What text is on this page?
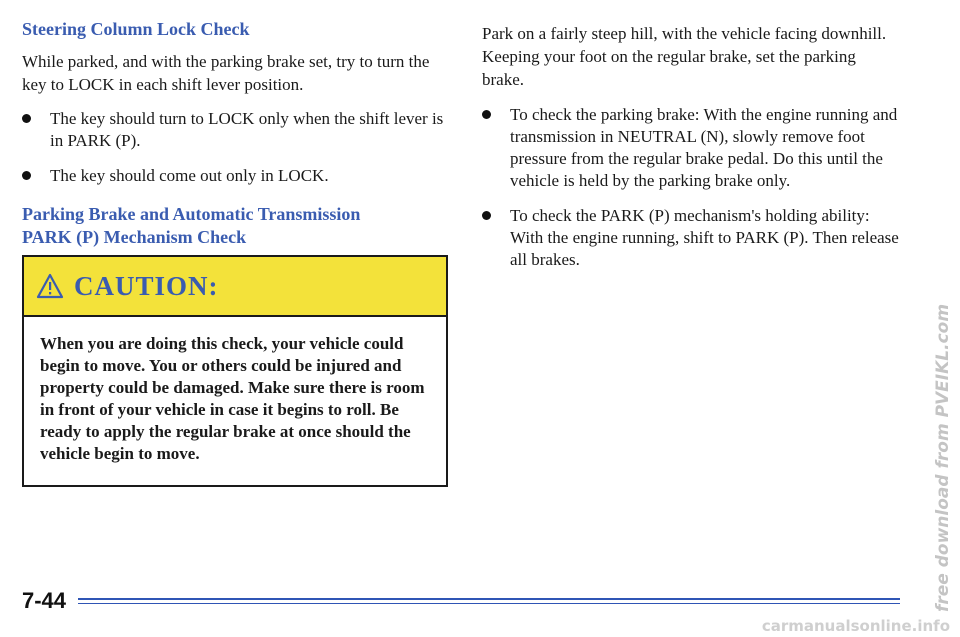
Steering Column Lock Check

While parked, and with the parking brake set, try to turn the key to LOCK in each shift lever position.

The key should turn to LOCK only when the shift lever is in PARK (P).
The key should come out only in LOCK.
Parking Brake and Automatic Transmission
PARK (P) Mechanism Check
CAUTION:
When you are doing this check, your vehicle could begin to move. You or others could be injured and property could be damaged. Make sure there is room in front of your vehicle in case it begins to roll. Be ready to apply the regular brake at once should the vehicle begin to move.

Park on a fairly steep hill, with the vehicle facing downhill. Keeping your foot on the regular brake, set the parking brake.

To check the parking brake: With the engine running and transmission in NEUTRAL (N), slowly remove foot pressure from the regular brake pedal. Do this until the vehicle is held by the parking brake only.
To check the PARK (P) mechanism's holding ability: With the engine running, shift to PARK (P). Then release all brakes.
7-44	free download from PVEIKL.com
carmanualsonline.info
